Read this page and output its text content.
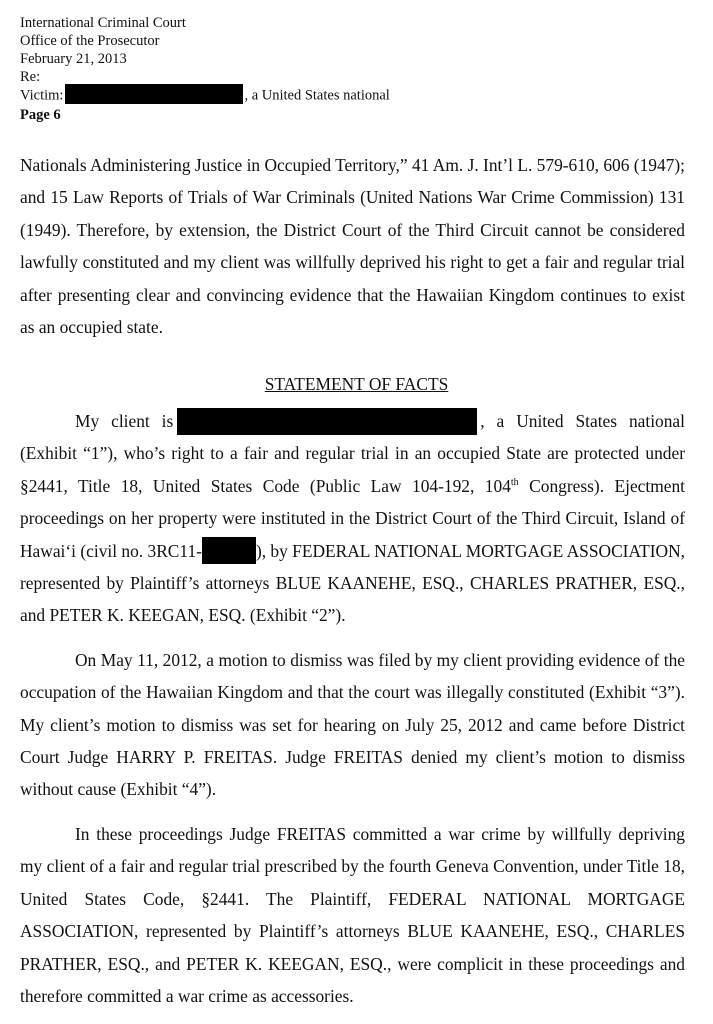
International Criminal Court
Office of the Prosecutor
February 21, 2013
Re:
Victim:	, a United States national
Page 6

Nationals Administering Justice in Occupied Territory,” 41 Am. J. Int’l L. 579-610, 606 (1947); and 15 Law Reports of Trials of War Criminals (United Nations War Crime Commission) 131 (1949). Therefore, by extension, the District Court of the Third Circuit cannot be considered lawfully constituted and my client was willfully deprived his right to get a fair and regular trial after presenting clear and convincing evidence that the Hawaiian Kingdom continues to exist as an occupied state.

STATEMENT OF FACTS

My client is	, a United States national (Exhibit “1”), who’s right to a fair and regular trial in an occupied State are protected under §2441, Title 18, United States Code (Public Law 104-192, 104th Congress). Ejectment proceedings on her property were instituted in the District Court of the Third Circuit, Island of Hawai‘i (civil no. 3RC11-	), by FEDERAL NATIONAL MORTGAGE ASSOCIATION, represented by Plaintiff’s attorneys BLUE KAANEHE, ESQ., CHARLES PRATHER, ESQ., and PETER K. KEEGAN, ESQ. (Exhibit “2”).

On May 11, 2012, a motion to dismiss was filed by my client providing evidence of the occupation of the Hawaiian Kingdom and that the court was illegally constituted (Exhibit “3”). My client’s motion to dismiss was set for hearing on July 25, 2012 and came before District Court Judge HARRY P. FREITAS. Judge FREITAS denied my client’s motion to dismiss without cause (Exhibit “4”).

In these proceedings Judge FREITAS committed a war crime by willfully depriving my client of a fair and regular trial prescribed by the fourth Geneva Convention, under Title 18, United States Code, §2441. The Plaintiff, FEDERAL NATIONAL MORTGAGE ASSOCIATION, represented by Plaintiff’s attorneys BLUE KAANEHE, ESQ., CHARLES PRATHER, ESQ., and PETER K. KEEGAN, ESQ., were complicit in these proceedings and therefore committed a war crime as accessories.
